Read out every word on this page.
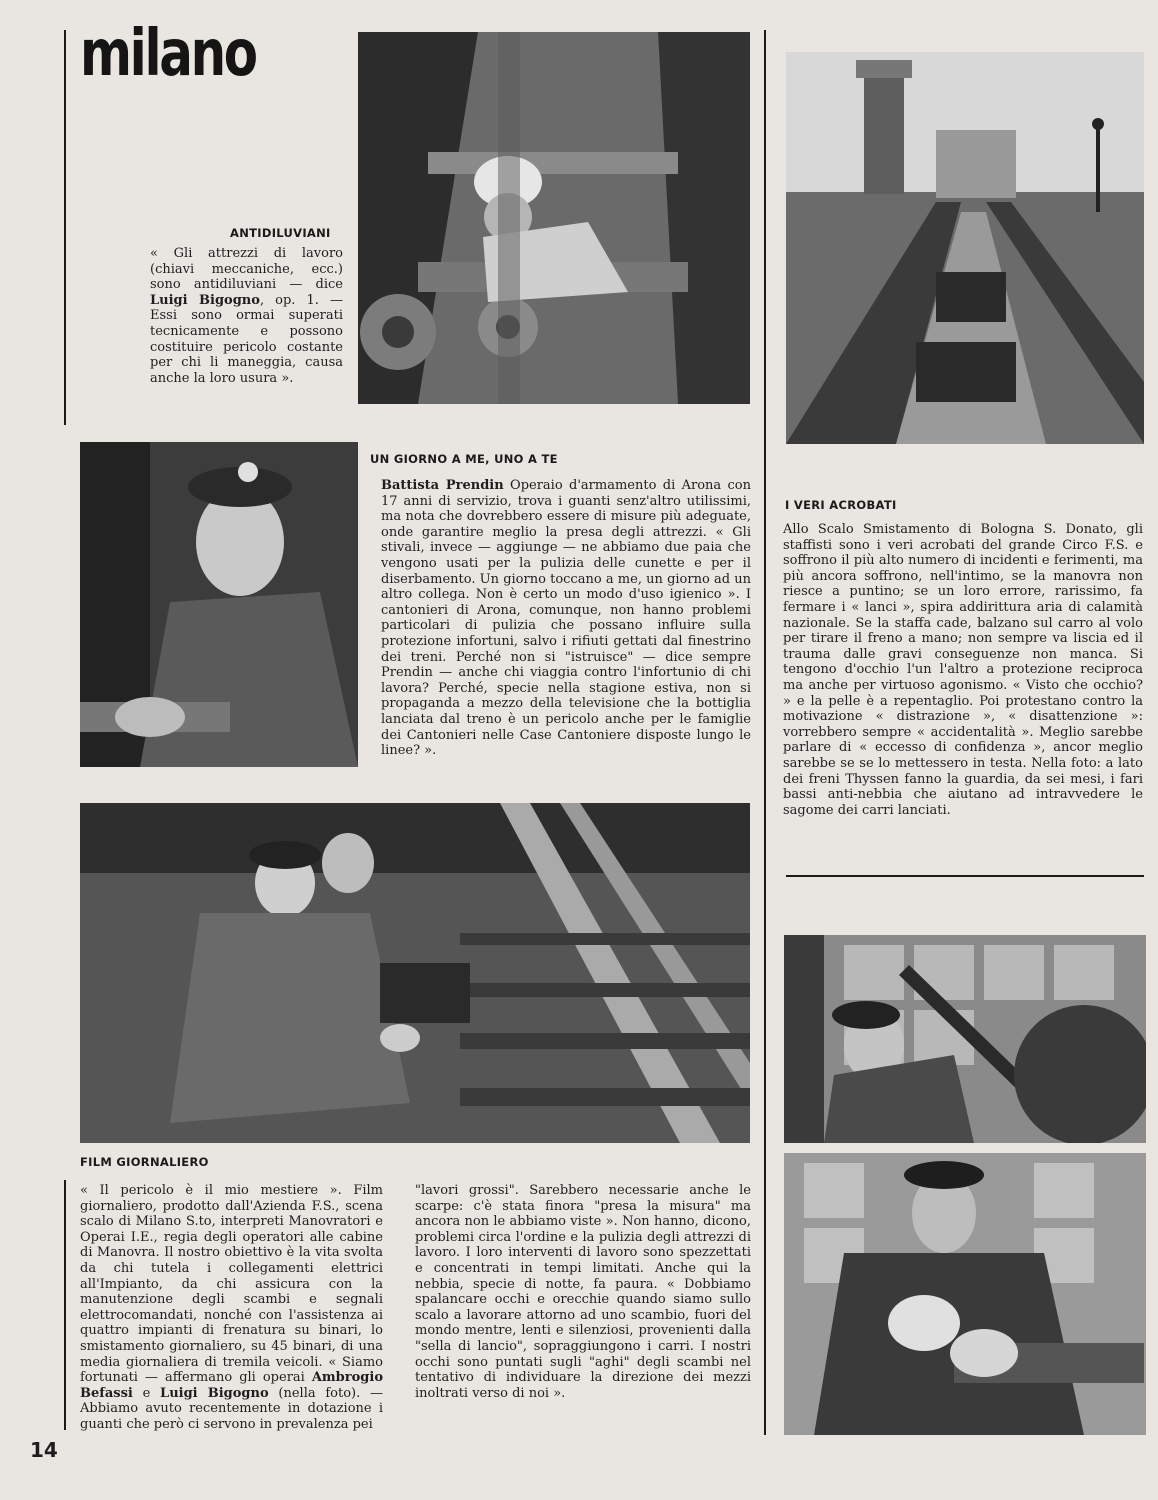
milano
ANTIDILUVIANI
« Gli attrezzi di lavoro (chiavi meccaniche, ecc.) sono antidiluviani — dice Luigi Bigogno, op. 1. — Essi sono ormai superati tecnicamente e possono costituire pericolo costante per chi li maneggia, causa anche la loro usura ».
UN GIORNO A ME, UNO A TE
Battista Prendin Operaio d'armamento di Arona con 17 anni di servizio, trova i guanti senz'altro utilissimi, ma nota che dovrebbero essere di misure più adeguate, onde garantire meglio la presa degli attrezzi. « Gli stivali, invece — aggiunge — ne abbiamo due paia che vengono usati per la pulizia delle cunette e per il diserbamento. Un giorno toccano a me, un giorno ad un altro collega. Non è certo un modo d'uso igienico ». I cantonieri di Arona, comunque, non hanno problemi particolari di pulizia che possano influire sulla protezione infortuni, salvo i rifiuti gettati dal finestrino dei treni. Perché non si "istruisce" — dice sempre Prendin — anche chi viaggia contro l'infortunio di chi lavora? Perché, specie nella stagione estiva, non si propaganda a mezzo della televisione che la bottiglia lanciata dal treno è un pericolo anche per le famiglie dei Cantonieri nelle Case Cantoniere disposte lungo le linee? ».
I VERI ACROBATI
Allo Scalo Smistamento di Bologna S. Donato, gli staffisti sono i veri acrobati del grande Circo F.S. e soffrono il più alto numero di incidenti e ferimenti, ma più ancora soffrono, nell'intimo, se la manovra non riesce a puntino; se un loro errore, rarissimo, fa fermare i « lanci », spira addirittura aria di calamità nazionale. Se la staffa cade, balzano sul carro al volo per tirare il freno a mano; non sempre va liscia ed il trauma dalle gravi conseguenze non manca. Si tengono d'occhio l'un l'altro a protezione reciproca ma anche per virtuoso agonismo. « Visto che occhio? » e la pelle è a repentaglio. Poi protestano contro la motivazione « distrazione », « disattenzione »: vorrebbero sempre « accidentalità ». Meglio sarebbe parlare di « eccesso di confidenza », ancor meglio sarebbe se se lo mettessero in testa. Nella foto: a lato dei freni Thyssen fanno la guardia, da sei mesi, i fari bassi anti-nebbia che aiutano ad intravvedere le sagome dei carri lanciati.
FILM GIORNALIERO
« Il pericolo è il mio mestiere ». Film giornaliero, prodotto dall'Azienda F.S., scena scalo di Milano S.to, interpreti Manovratori e Operai I.E., regia degli operatori alle cabine di Manovra. Il nostro obiettivo è la vita svolta da chi tutela i collegamenti elettrici all'Impianto, da chi assicura con la manutenzione degli scambi e segnali elettrocomandati, nonché con l'assistenza ai quattro impianti di frenatura su binari, lo smistamento giornaliero, su 45 binari, di una media giornaliera di tremila veicoli. « Siamo fortunati — affermano gli operai Ambrogio Befassi e Luigi Bigogno (nella foto). — Abbiamo avuto recentemente in dotazione i guanti che però ci servono in prevalenza pei
"lavori grossi". Sarebbero necessarie anche le scarpe: c'è stata finora "presa la misura" ma ancora non le abbiamo viste ». Non hanno, dicono, problemi circa l'ordine e la pulizia degli attrezzi di lavoro. I loro interventi di lavoro sono spezzettati e concentrati in tempi limitati. Anche qui la nebbia, specie di notte, fa paura. « Dobbiamo spalancare occhi e orecchie quando siamo sullo scalo a lavorare attorno ad uno scambio, fuori del mondo mentre, lenti e silenziosi, provenienti dalla "sella di lancio", sopraggiungono i carri. I nostri occhi sono puntati sugli "aghi" degli scambi nel tentativo di individuare la direzione dei mezzi inoltrati verso di noi ».
14
